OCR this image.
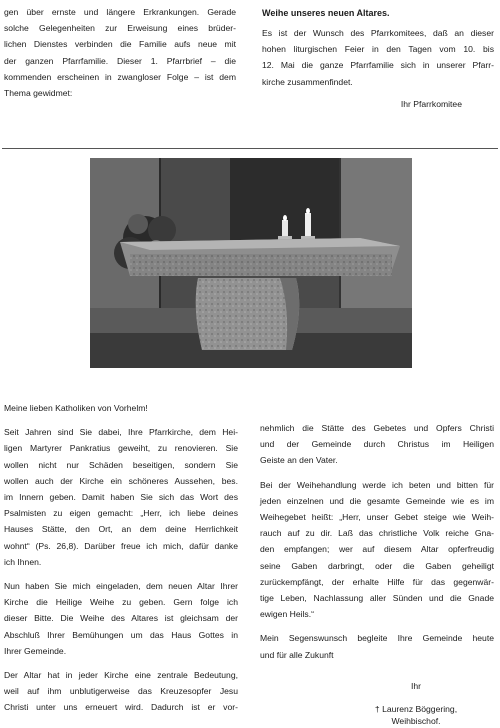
gen über ernste und längere Erkrankungen. Gerade

solche Gelegenheiten zur Erweisung eines brüder-

lichen Dienstes verbinden die Familie aufs neue mit

der ganzen Pfarrfamilie. Dieser 1. Pfarrbrief – die

kommenden erscheinen in zwangloser Folge – ist dem

Thema gewidmet:

Weihe unseres neuen Altares.

Es ist der Wunsch des Pfarrkomitees, daß an dieser

hohen liturgischen Feier in den Tagen vom 10. bis

12. Mai die ganze Pfarrfamilie sich in unserer Pfarr-

kirche zusammenfindet.

Ihr Pfarrkomitee

Meine lieben Katholiken von Vorhelm!

Seit Jahren sind Sie dabei, Ihre Pfarrkirche, dem Hei-

ligen Martyrer Pankratius geweiht, zu renovieren. Sie

wollen nicht nur Schäden beseitigen, sondern Sie

wollen auch der Kirche ein schöneres Aussehen, bes.

im Innern geben. Damit haben Sie sich das Wort des

Psalmisten zu eigen gemacht: „Herr, ich liebe deines

Hauses Stätte, den Ort, an dem deine Herrlichkeit

wohnt“ (Ps. 26,8). Darüber freue ich mich, dafür danke

ich Ihnen.

Nun haben Sie mich eingeladen, dem neuen Altar Ihrer

Kirche die Heilige Weihe zu geben. Gern folge ich

dieser Bitte. Die Weihe des Altares ist gleichsam der

Abschluß Ihrer Bemühungen um das Haus Gottes in

Ihrer Gemeinde.

Der Altar hat in jeder Kirche eine zentrale Bedeutung,

weil auf ihm unblutigerweise das Kreuzesopfer Jesu

Christi unter uns erneuert wird. Dadurch ist er vor-

nehmlich die Stätte des Gebetes und Opfers Christi

und der Gemeinde durch Christus im Heiligen

Geiste an den Vater.

Bei der Weihehandlung werde ich beten und bitten für

jeden einzelnen und die gesamte Gemeinde wie es im

Weihegebet heißt: „Herr, unser Gebet steige wie Weih-

rauch auf zu dir. Laß das christliche Volk reiche Gna-

den empfangen; wer auf diesem Altar opferfreudig

seine Gaben darbringt, oder die Gaben geheiligt

zurückempfängt, der erhalte Hilfe für das gegenwär-

tige Leben, Nachlassung aller Sünden und die Gnade

ewigen Heils.“

Mein Segenswunsch begleite Ihre Gemeinde heute

und für alle Zukunft

Ihr
† Laurenz Böggering,
Weihbischof.
